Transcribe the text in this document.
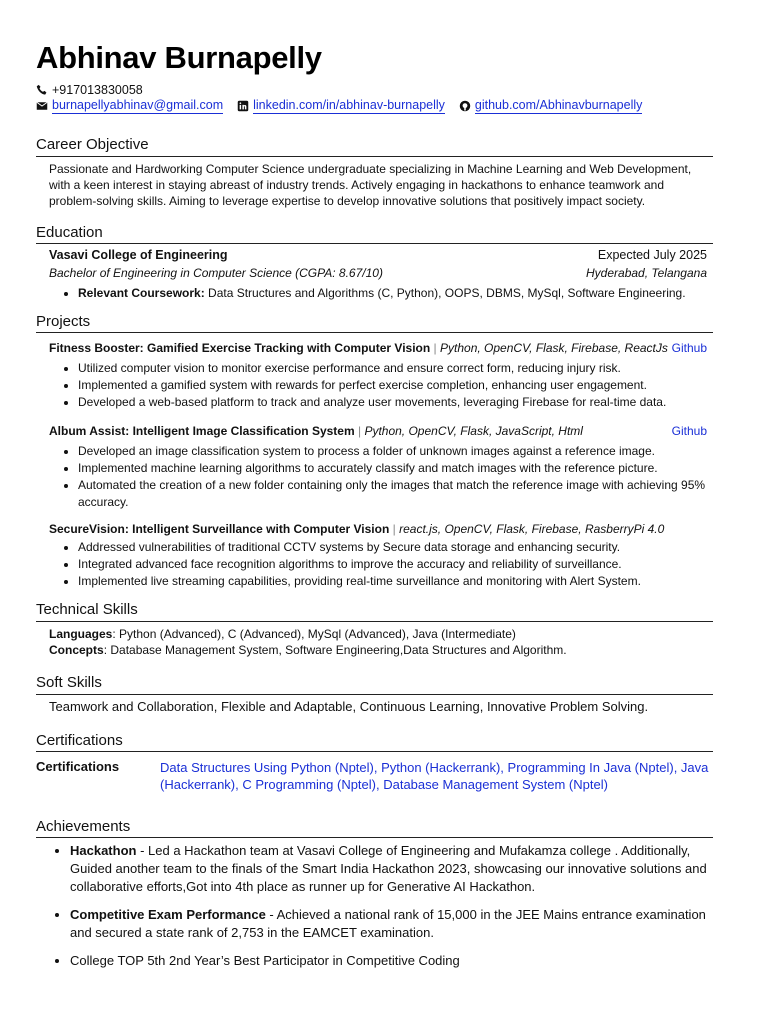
Abhinav Burnapelly
+917013830058
burnapellyabhinav@gmail.com linkedin.com/in/abhinav-burnapelly github.com/Abhinavburnapelly
Career Objective
Passionate and Hardworking Computer Science undergraduate specializing in Machine Learning and Web Development, with a keen interest in staying abreast of industry trends. Actively engaging in hackathons to enhance teamwork and problem-solving skills. Aiming to leverage expertise to develop innovative solutions that positively impact society.
Education
Vasavi College of Engineering	Expected July 2025
Bachelor of Engineering in Computer Science (CGPA: 8.67/10)	Hyderabad, Telangana
• Relevant Coursework: Data Structures and Algorithms (C, Python), OOPS, DBMS, MySql, Software Engineering.
Projects
Fitness Booster: Gamified Exercise Tracking with Computer Vision | Python, OpenCV, Flask, Firebase, ReactJs Github
• Utilized computer vision to monitor exercise performance and ensure correct form, reducing injury risk.
• Implemented a gamified system with rewards for perfect exercise completion, enhancing user engagement.
• Developed a web-based platform to track and analyze user movements, leveraging Firebase for real-time data.
Album Assist: Intelligent Image Classification System | Python, OpenCV, Flask, JavaScript, Html	Github
• Developed an image classification system to process a folder of unknown images against a reference image.
• Implemented machine learning algorithms to accurately classify and match images with the reference picture.
• Automated the creation of a new folder containing only the images that match the reference image with achieving 95% accuracy.
SecureVision: Intelligent Surveillance with Computer Vision | react.js, OpenCV, Flask, Firebase, RasberryPi 4.0
• Addressed vulnerabilities of traditional CCTV systems by Secure data storage and enhancing security.
• Integrated advanced face recognition algorithms to improve the accuracy and reliability of surveillance.
• Implemented live streaming capabilities, providing real-time surveillance and monitoring with Alert System.
Technical Skills
Languages: Python (Advanced), C (Advanced), MySql (Advanced), Java (Intermediate)
Concepts: Database Management System, Software Engineering,Data Structures and Algorithm.
Soft Skills
Teamwork and Collaboration, Flexible and Adaptable, Continuous Learning, Innovative Problem Solving.
Certifications
Certifications	Data Structures Using Python (Nptel), Python (Hackerrank), Programming In Java (Nptel), Java (Hackerrank), C Programming (Nptel), Database Management System (Nptel)
Achievements
• Hackathon - Led a Hackathon team at Vasavi College of Engineering and Mufakamza college . Additionally, Guided another team to the finals of the Smart India Hackathon 2023, showcasing our innovative solutions and collaborative efforts,Got into 4th place as runner up for Generative AI Hackathon.
• Competitive Exam Performance - Achieved a national rank of 15,000 in the JEE Mains entrance examination and secured a state rank of 2,753 in the EAMCET examination.
• College TOP 5th 2nd Year’s Best Participator in Competitive Coding
